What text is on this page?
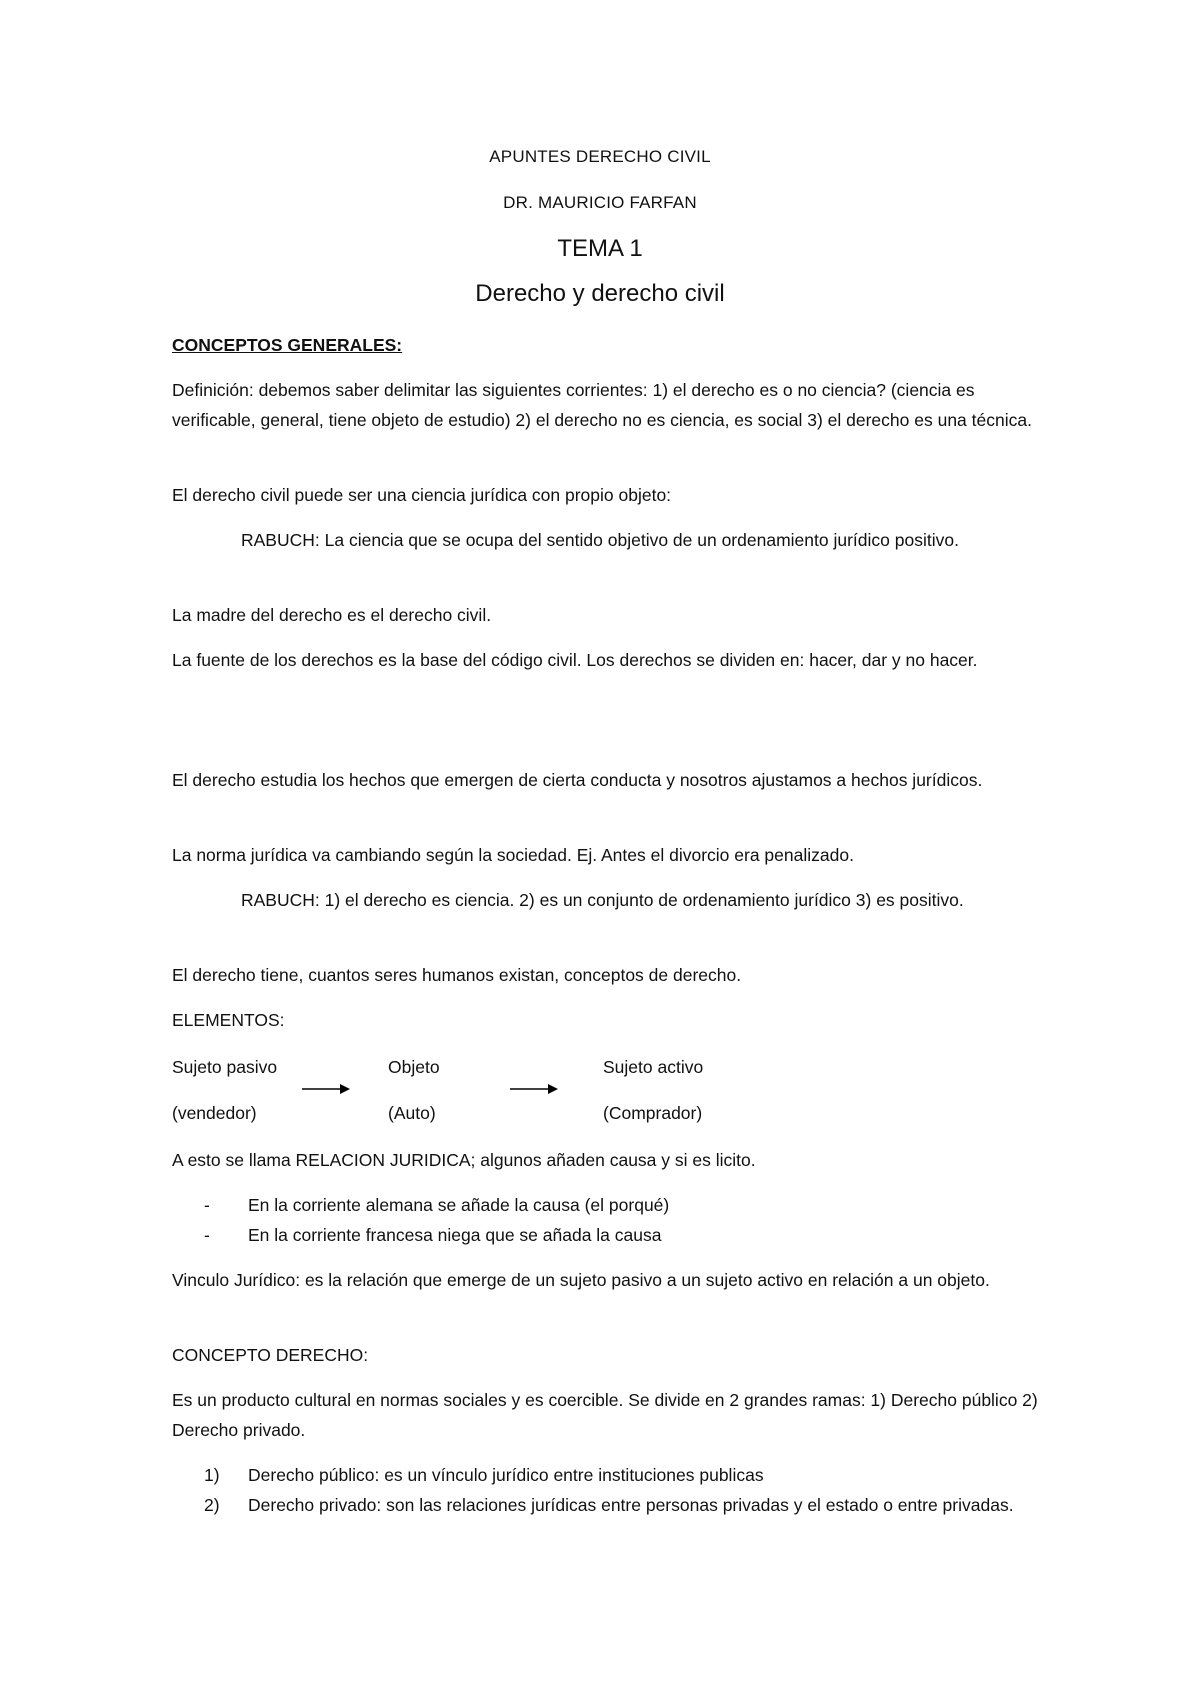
APUNTES DERECHO CIVIL

DR. MAURICIO FARFAN

TEMA 1

Derecho y derecho civil

CONCEPTOS GENERALES:

Definición: debemos saber delimitar las siguientes corrientes: 1) el derecho es o no ciencia? (ciencia es verificable, general, tiene objeto de estudio) 2) el derecho no es ciencia, es social 3) el derecho es una técnica.

El derecho civil puede ser una ciencia jurídica con propio objeto:

RABUCH: La ciencia que se ocupa del sentido objetivo de un ordenamiento jurídico positivo.

La madre del derecho es el derecho civil.

La fuente de los derechos es la base del código civil. Los derechos se dividen en: hacer, dar y no hacer.

El derecho estudia los hechos que emergen de cierta conducta y nosotros ajustamos a hechos jurídicos.

La norma jurídica va cambiando según la sociedad. Ej. Antes el divorcio era penalizado.

RABUCH: 1) el derecho es ciencia. 2) es un conjunto de ordenamiento jurídico 3) es positivo.

El derecho tiene, cuantos seres humanos existan, conceptos de derecho.

ELEMENTOS:

Sujeto pasivo

(vendedor)

Objeto

(Auto)

Sujeto activo

(Comprador)

A esto se llama RELACION JURIDICA; algunos añaden causa y si es licito.

- En la corriente alemana se añade la causa (el porqué)
- En la corriente francesa niega que se añada la causa

Vinculo Jurídico: es la relación que emerge de un sujeto pasivo a un sujeto activo en relación a un objeto.

CONCEPTO DERECHO:

Es un producto cultural en normas sociales y es coercible. Se divide en 2 grandes ramas: 1) Derecho público 2) Derecho privado.

1) Derecho público: es un vínculo jurídico entre instituciones publicas
2) Derecho privado: son las relaciones jurídicas entre personas privadas y el estado o entre privadas.
